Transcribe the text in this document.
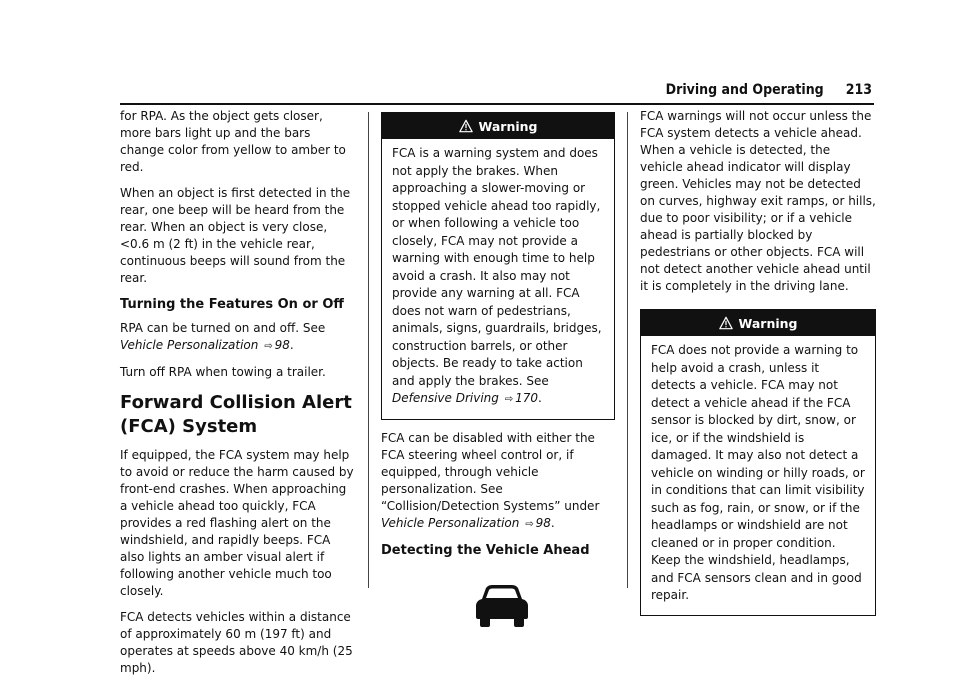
Driving and Operating 213

for RPA. As the object gets closer, more bars light up and the bars change color from yellow to amber to red.

When an object is first detected in the rear, one beep will be heard from the rear. When an object is very close, <0.6 m (2 ft) in the vehicle rear, continuous beeps will sound from the rear.

Turning the Features On or Off

RPA can be turned on and off. See Vehicle Personalization ⇨ 98.

Turn off RPA when towing a trailer.

Forward Collision Alert (FCA) System

If equipped, the FCA system may help to avoid or reduce the harm caused by front-end crashes. When approaching a vehicle ahead too quickly, FCA provides a red flashing alert on the windshield, and rapidly beeps. FCA also lights an amber visual alert if following another vehicle much too closely.

FCA detects vehicles within a distance of approximately 60 m (197 ft) and operates at speeds above 40 km/h (25 mph).

Warning
FCA is a warning system and does not apply the brakes. When approaching a slower-moving or stopped vehicle ahead too rapidly, or when following a vehicle too closely, FCA may not provide a warning with enough time to help avoid a crash. It also may not provide any warning at all. FCA does not warn of pedestrians, animals, signs, guardrails, bridges, construction barrels, or other objects. Be ready to take action and apply the brakes. See Defensive Driving ⇨ 170.

FCA can be disabled with either the FCA steering wheel control or, if equipped, through vehicle personalization. See “Collision/Detection Systems” under Vehicle Personalization ⇨ 98.

Detecting the Vehicle Ahead

FCA warnings will not occur unless the FCA system detects a vehicle ahead. When a vehicle is detected, the vehicle ahead indicator will display green. Vehicles may not be detected on curves, highway exit ramps, or hills, due to poor visibility; or if a vehicle ahead is partially blocked by pedestrians or other objects. FCA will not detect another vehicle ahead until it is completely in the driving lane.

Warning
FCA does not provide a warning to help avoid a crash, unless it detects a vehicle. FCA may not detect a vehicle ahead if the FCA sensor is blocked by dirt, snow, or ice, or if the windshield is damaged. It may also not detect a vehicle on winding or hilly roads, or in conditions that can limit visibility such as fog, rain, or snow, or if the headlamps or windshield are not cleaned or in proper condition. Keep the windshield, headlamps, and FCA sensors clean and in good repair.
